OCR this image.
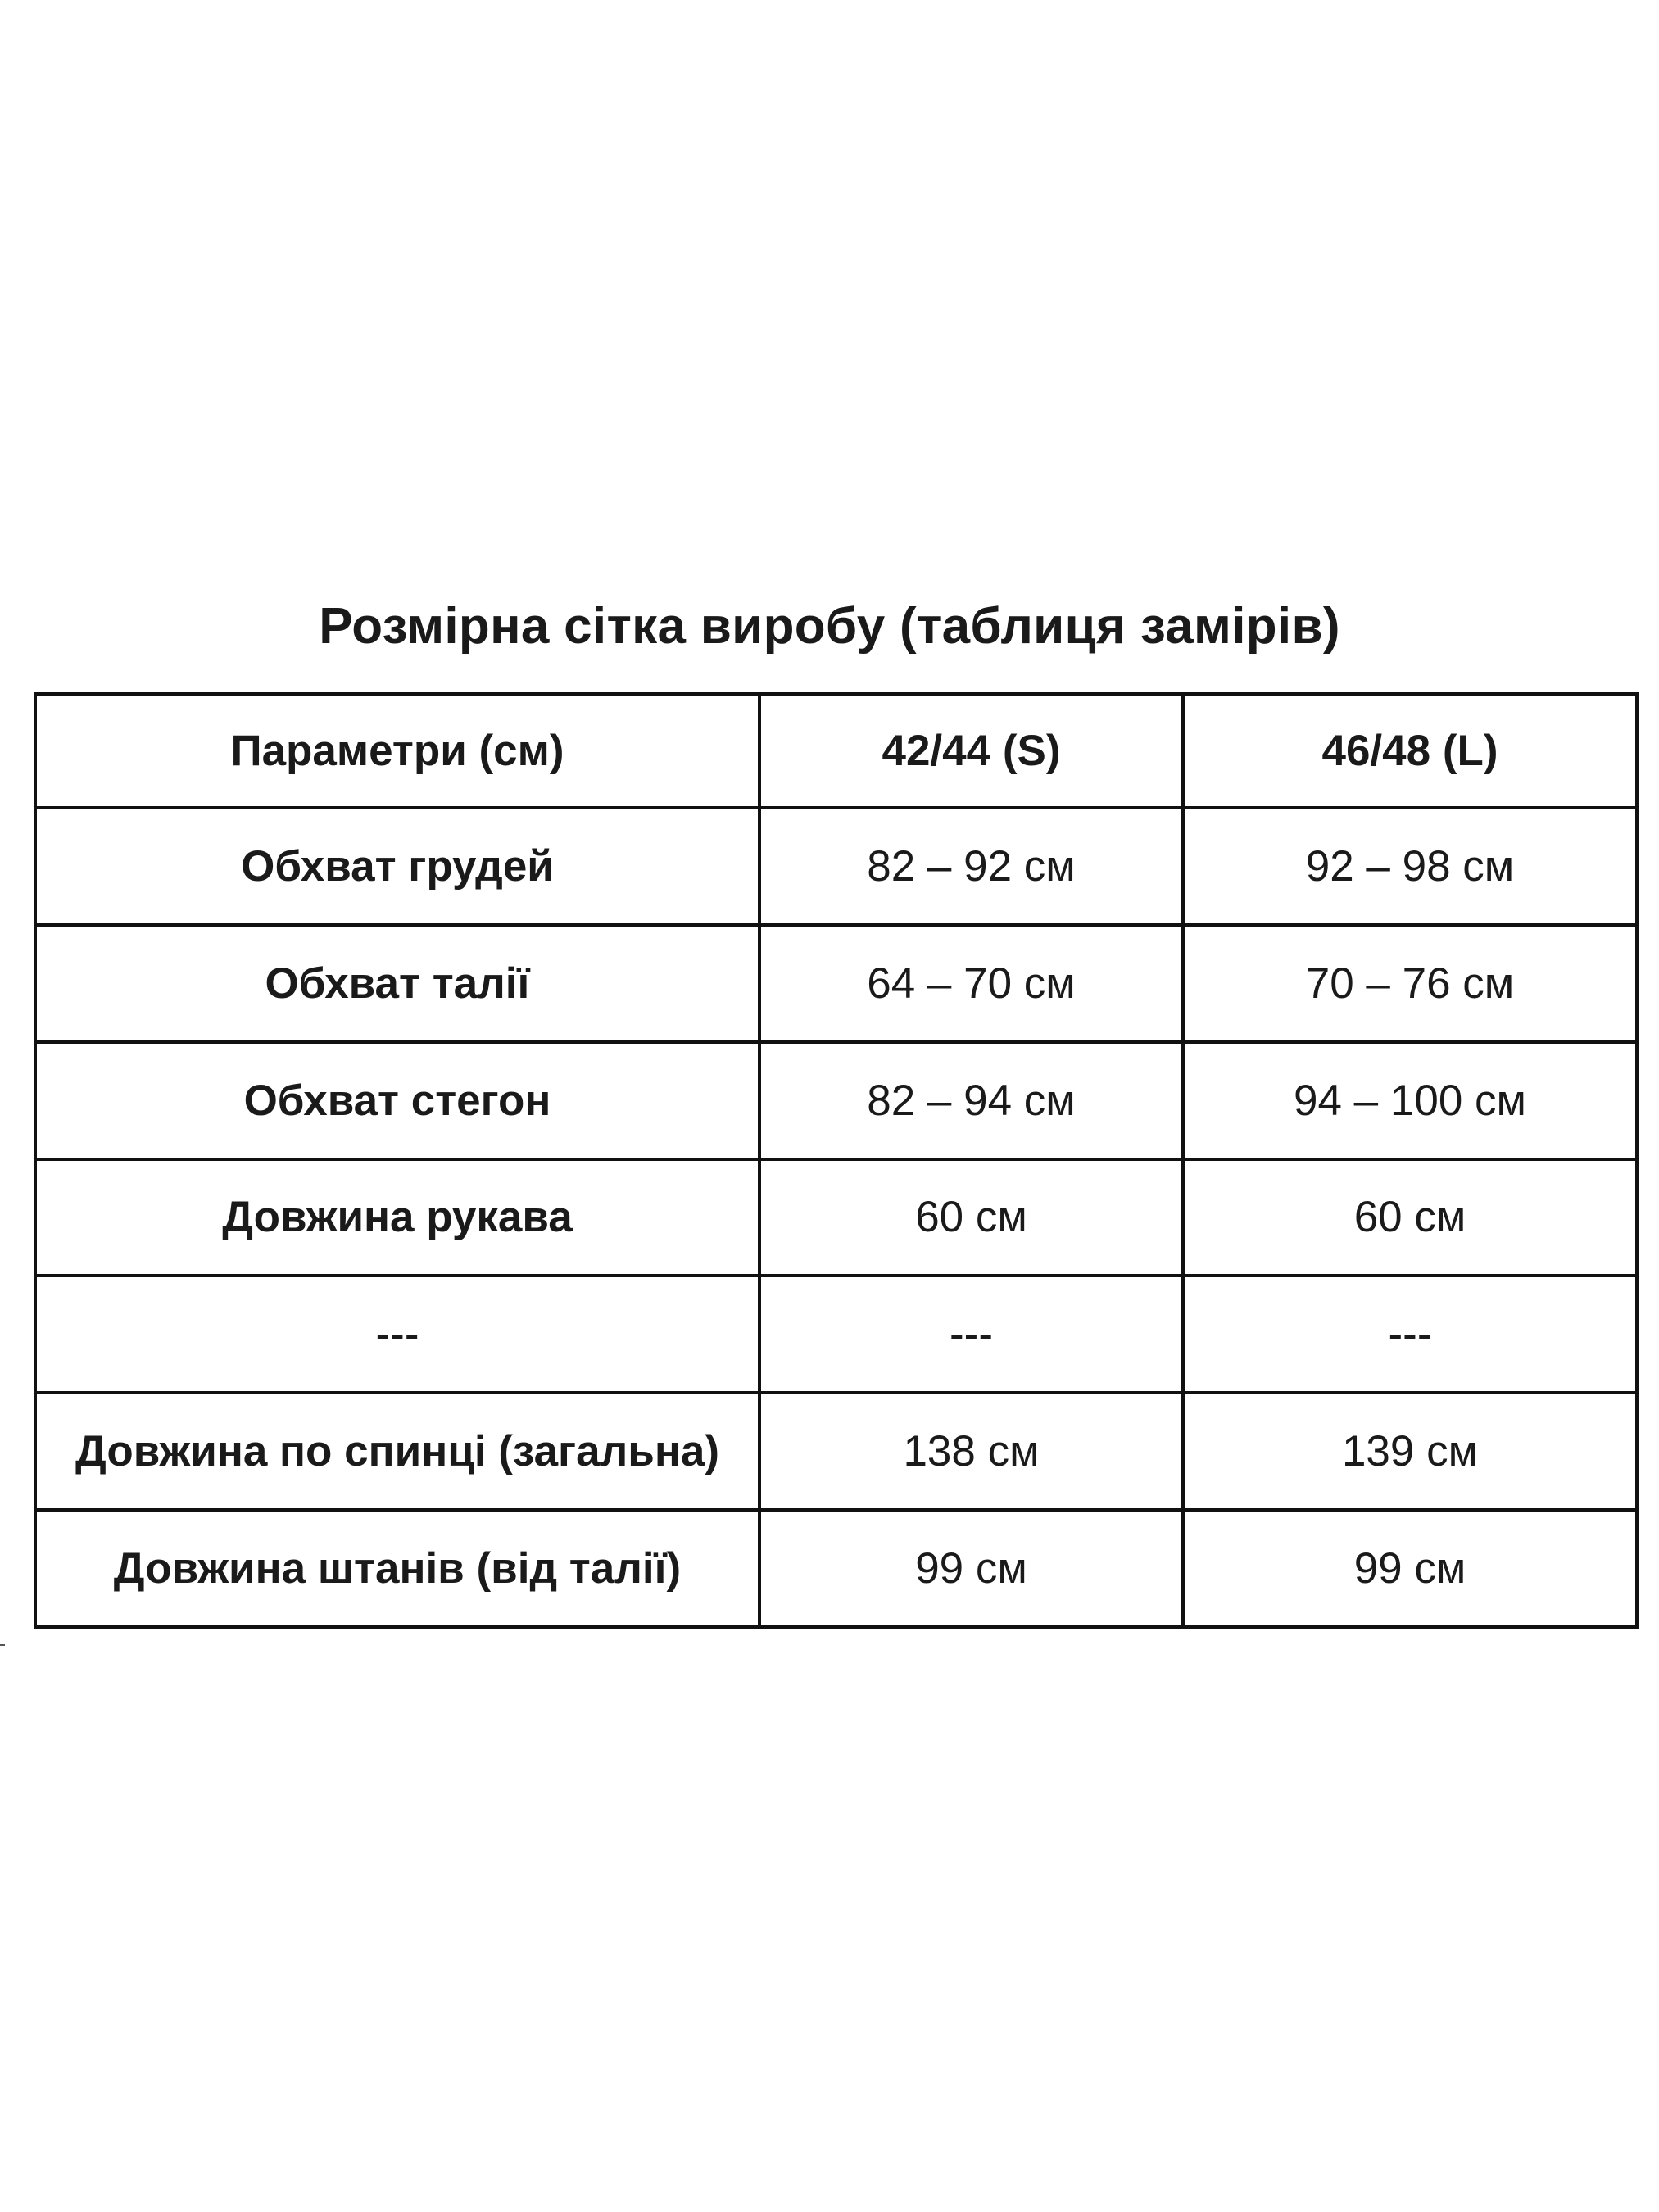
Розмірна сітка виробу (таблиця замірів)
Параметри (см)	42/44 (S)	46/48 (L)
Обхват грудей	82 – 92 см	92 – 98 см
Обхват талії	64 – 70 см	70 – 76 см
Обхват стегон	82 – 94 см	94 – 100 см
Довжина рукава	60 см	60 см
---	---	---
Довжина по спинці (загальна)	138 см	139 см
Довжина штанів (від талії)	99 см	99 см
